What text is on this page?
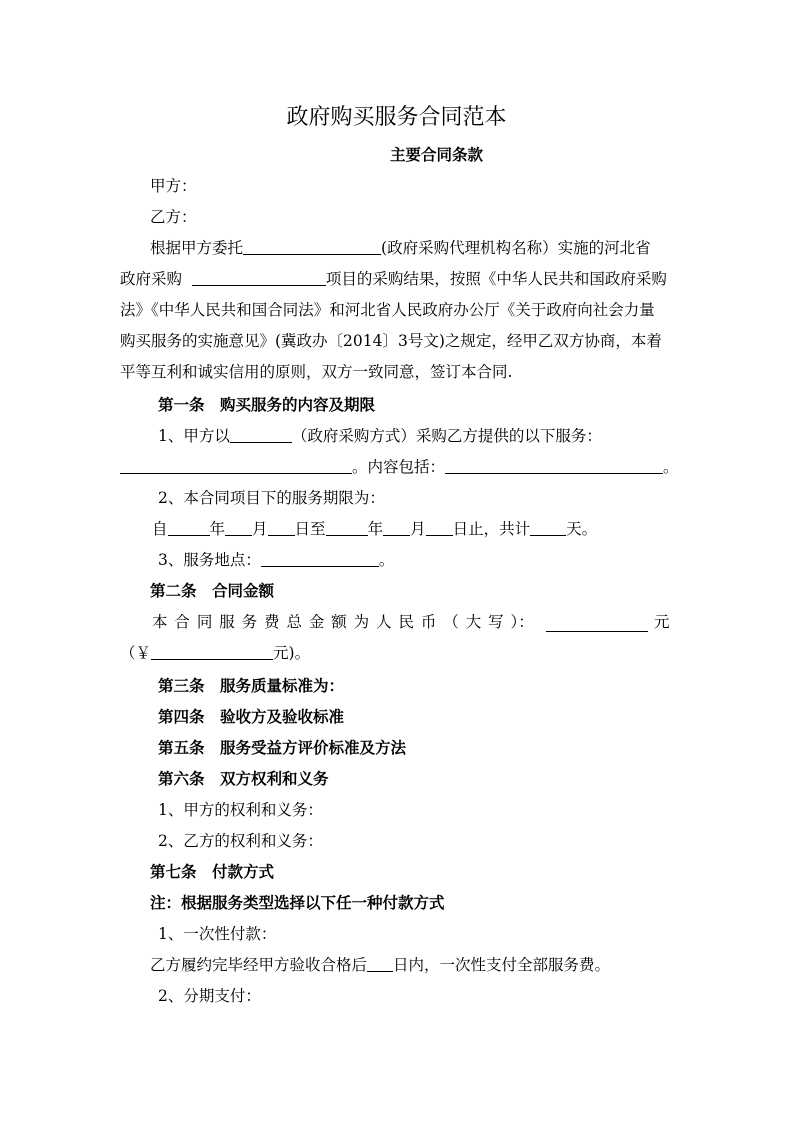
政府购买服务合同范本
主要合同条款
甲方：
乙方：
根据甲方委托	(政府采购代理机构名称）实施的河北省
政府采购	项目的采购结果，按照《中华人民共和国政府采购
法》《中华人民共和国合同法》和河北省人民政府办公厅《关于政府向社会力量
购买服务的实施意见》(冀政办〔2014〕3号文)之规定，经甲乙双方协商，本着
平等互利和诚实信用的原则，双方一致同意，签订本合同.
第一条　购买服务的内容及期限
1、甲方以	（政府采购方式）采购乙方提供的以下服务：
。内容包括：	。
2、本合同项目下的服务期限为：
自	年 月 日至	年 月 日止，共计 天。
3、服务地点：	。
第二条　合同金额
本 合 同 服 务 费 总 金 额 为 人 民 币 （ 大 写 ）：	元
（￥	元)。
第三条　服务质量标准为：
第四条　验收方及验收标准
第五条　服务受益方评价标准及方法
第六条　双方权利和义务
1、甲方的权利和义务：
2、乙方的权利和义务：
第七条　付款方式
注：根据服务类型选择以下任一种付款方式
1、一次性付款：
乙方履约完毕经甲方验收合格后 日内，一次性支付全部服务费。
2、分期支付：
